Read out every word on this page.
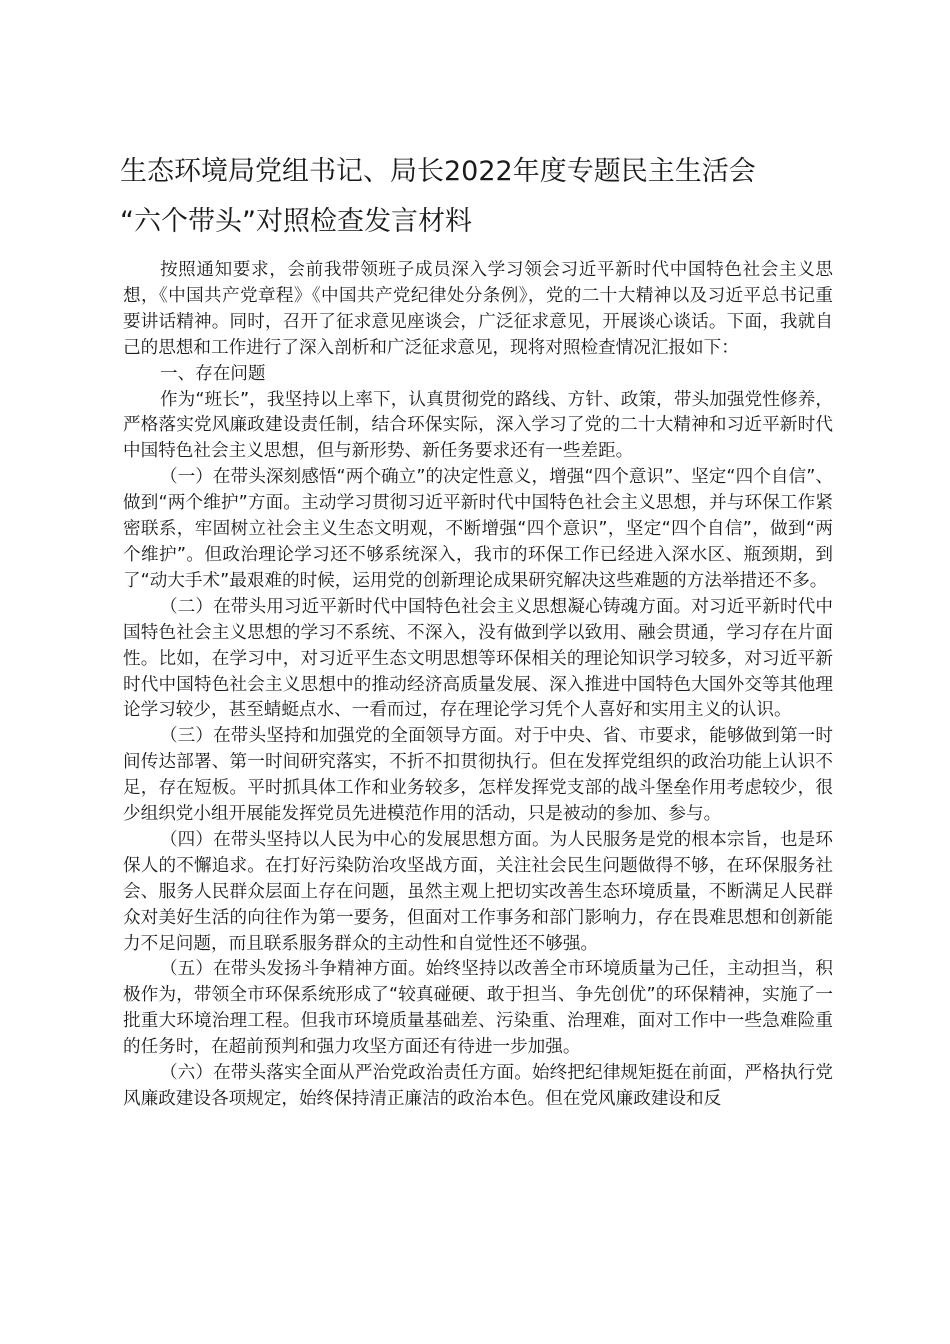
生态环境局党组书记、局长2022年度专题民主生活会
“六个带头”对照检查发言材料

按照通知要求，会前我带领班子成员深入学习领会习近平新时代中国特色社会主义思想，《中国共产党章程》《中国共产党纪律处分条例》，党的二十大精神以及习近平总书记重要讲话精神。同时，召开了征求意见座谈会，广泛征求意见，开展谈心谈话。下面，我就自己的思想和工作进行了深入剖析和广泛征求意见，现将对照检查情况汇报如下：

一、存在问题

作为“班长”，我坚持以上率下，认真贯彻党的路线、方针、政策，带头加强党性修养，严格落实党风廉政建设责任制，结合环保实际，深入学习了党的二十大精神和习近平新时代中国特色社会主义思想，但与新形势、新任务要求还有一些差距。

（一）在带头深刻感悟“两个确立”的决定性意义，增强“四个意识”、坚定“四个自信”、做到“两个维护”方面。主动学习贯彻习近平新时代中国特色社会主义思想，并与环保工作紧密联系，牢固树立社会主义生态文明观，不断增强“四个意识”，坚定“四个自信”，做到“两个维护”。但政治理论学习还不够系统深入，我市的环保工作已经进入深水区、瓶颈期，到了“动大手术”最艰难的时候，运用党的创新理论成果研究解决这些难题的方法举措还不多。

（二）在带头用习近平新时代中国特色社会主义思想凝心铸魂方面。对习近平新时代中国特色社会主义思想的学习不系统、不深入，没有做到学以致用、融会贯通，学习存在片面性。比如，在学习中，对习近平生态文明思想等环保相关的理论知识学习较多，对习近平新时代中国特色社会主义思想中的推动经济高质量发展、深入推进中国特色大国外交等其他理论学习较少，甚至蜻蜓点水、一看而过，存在理论学习凭个人喜好和实用主义的认识。

（三）在带头坚持和加强党的全面领导方面。对于中央、省、市要求，能够做到第一时间传达部署、第一时间研究落实，不折不扣贯彻执行。但在发挥党组织的政治功能上认识不足，存在短板。平时抓具体工作和业务较多，怎样发挥党支部的战斗堡垒作用考虑较少，很少组织党小组开展能发挥党员先进模范作用的活动，只是被动的参加、参与。

（四）在带头坚持以人民为中心的发展思想方面。为人民服务是党的根本宗旨，也是环保人的不懈追求。在打好污染防治攻坚战方面，关注社会民生问题做得不够，在环保服务社会、服务人民群众层面上存在问题，虽然主观上把切实改善生态环境质量，不断满足人民群众对美好生活的向往作为第一要务，但面对工作事务和部门影响力，存在畏难思想和创新能力不足问题，而且联系服务群众的主动性和自觉性还不够强。

（五）在带头发扬斗争精神方面。始终坚持以改善全市环境质量为己任，主动担当，积极作为，带领全市环保系统形成了“较真碰硬、敢于担当、争先创优”的环保精神，实施了一批重大环境治理工程。但我市环境质量基础差、污染重、治理难，面对工作中一些急难险重的任务时，在超前预判和强力攻坚方面还有待进一步加强。

（六）在带头落实全面从严治党政治责任方面。始终把纪律规矩挺在前面，严格执行党风廉政建设各项规定，始终保持清正廉洁的政治本色。但在党风廉政建设和反
